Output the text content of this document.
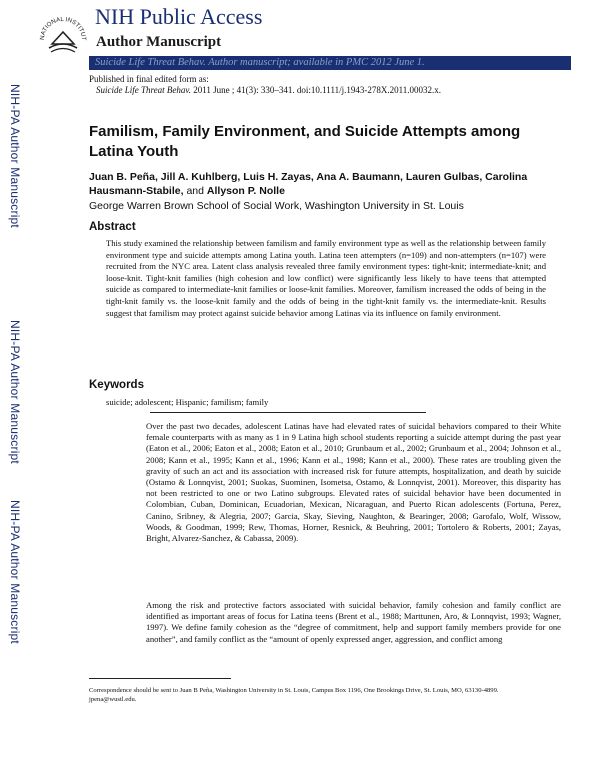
NATIONAL INSTITUT
NIH Public Access
Author Manuscript
Suicide Life Threat Behav. Author manuscript; available in PMC 2012 June 1.
Published in final edited form as:
Suicide Life Threat Behav. 2011 June ; 41(3): 330–341. doi:10.1111/j.1943-278X.2011.00032.x.
NIH-PA Author Manuscript
NIH-PA Author Manuscript
NIH-PA Author Manuscript
Familism, Family Environment, and Suicide Attempts among Latina Youth
Juan B. Peña, Jill A. Kuhlberg, Luis H. Zayas, Ana A. Baumann, Lauren Gulbas, Carolina Hausmann-Stabile, and Allyson P. Nolle
George Warren Brown School of Social Work, Washington University in St. Louis
Abstract
This study examined the relationship between familism and family environment type as well as the relationship between family environment type and suicide attempts among Latina youth. Latina teen attempters (n=109) and non-attempters (n=107) were recruited from the NYC area. Latent class analysis revealed three family environment types: tight-knit; intermediate-knit; and loose-knit. Tight-knit families (high cohesion and low conflict) were significantly less likely to have teens that attempted suicide as compared to intermediate-knit families or loose-knit families. Moreover, familism increased the odds of being in the tight-knit family vs. the loose-knit family and the odds of being in the tight-knit family vs. the intermediate-knit. Results suggest that familism may protect against suicide behavior among Latinas via its influence on family environment.
Keywords
suicide; adolescent; Hispanic; familism; family
Over the past two decades, adolescent Latinas have had elevated rates of suicidal behaviors compared to their White female counterparts with as many as 1 in 9 Latina high school students reporting a suicide attempt during the past year (Eaton et al., 2006; Eaton et al., 2008; Eaton et al., 2010; Grunbaum et al., 2002; Grunbaum et al., 2004; Johnson et al., 2008; Kann et al., 1995; Kann et al., 1996; Kann et al., 1998; Kann et al., 2000). These rates are troubling given the gravity of such an act and its association with increased risk for future attempts, hospitalization, and death by suicide (Ostamo & Lonnqvist, 2001; Suokas, Suominen, Isometsa, Ostamo, & Lonnqvist, 2001). Moreover, this disparity has not been restricted to one or two Latino subgroups. Elevated rates of suicidal behavior have been documented in Colombian, Cuban, Dominican, Ecuadorian, Mexican, Nicaraguan, and Puerto Rican adolescents (Fortuna, Perez, Canino, Sribney, & Alegria, 2007; Garcia, Skay, Sieving, Naughton, & Bearinger, 2008; Garofalo, Wolf, Wissow, Woods, & Goodman, 1999; Rew, Thomas, Horner, Resnick, & Beuhring, 2001; Tortolero & Roberts, 2001; Zayas, Bright, Alvarez-Sanchez, & Cabassa, 2009).
Among the risk and protective factors associated with suicidal behavior, family cohesion and family conflict are identified as important areas of focus for Latina teens (Brent et al., 1988; Marttunen, Aro, & Lonnqvist, 1993; Wagner, 1997). We define family cohesion as the “degree of commitment, help and support family members provide for one another”, and family conflict as the “amount of openly expressed anger, aggression, and conflict among
Correspondence should be sent to Juan B Peña, Washington University in St. Louis, Campus Box 1196, One Brookings Drive, St. Louis, MO, 63130-4899. jpena@wustl.edu.
